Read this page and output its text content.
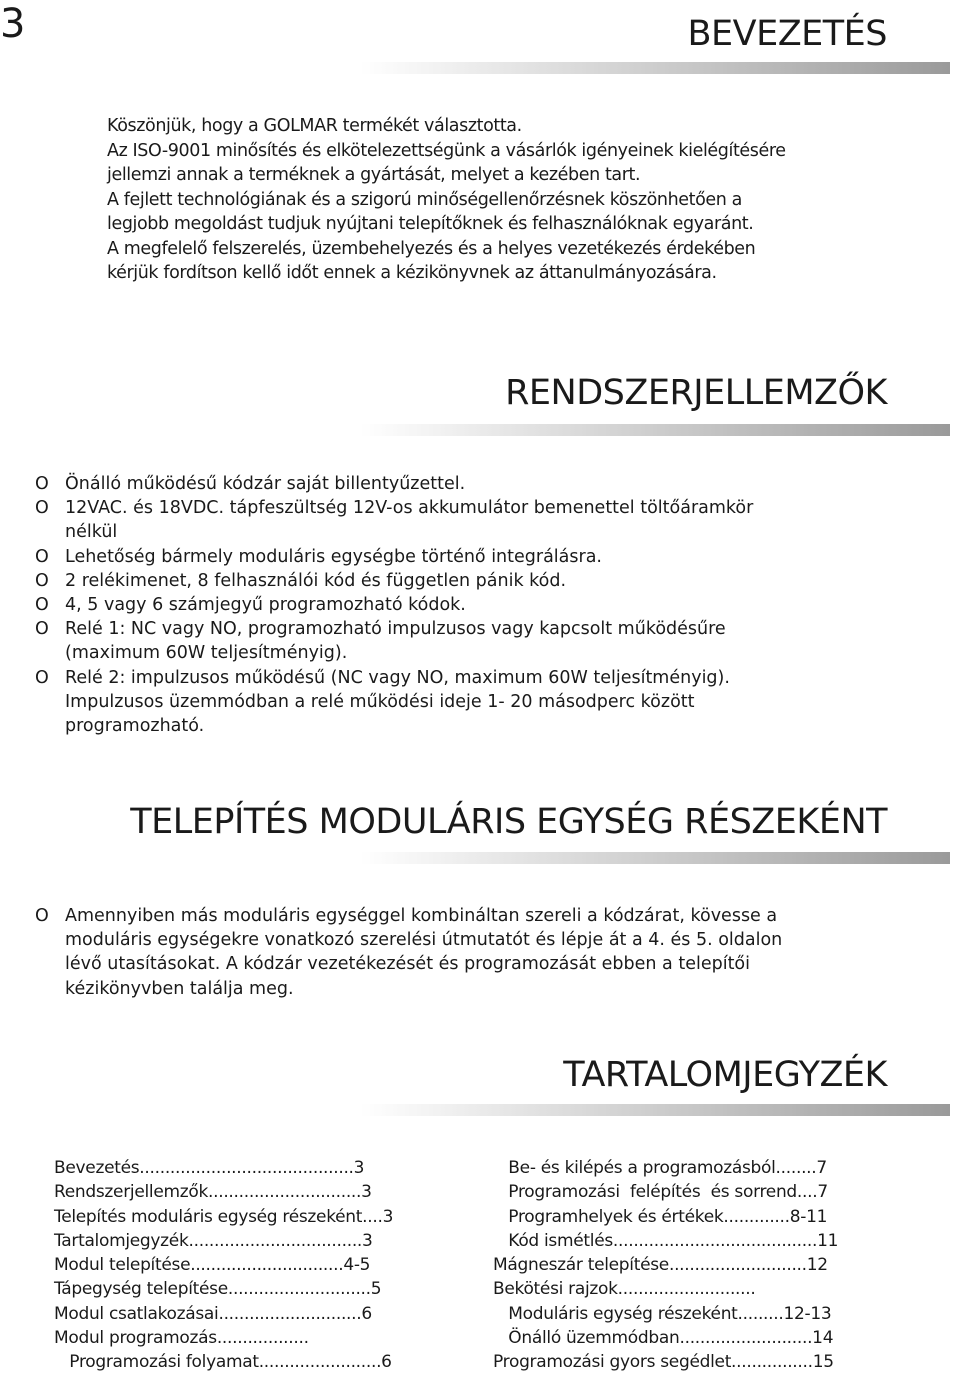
3	BEVEZETÉS
Köszönjük, hogy a GOLMAR termékét választotta.
Az ISO-9001 minősítés és elkötelezettségünk a vásárlók igényeinek kielégítésére
jellemzi annak a terméknek a gyártását, melyet a kezében tart.
A fejlett technológiának és a szigorú minőségellenőrzésnek köszönhetően a
legjobb megoldást tudjuk nyújtani telepítőknek és felhasználóknak egyaránt.
A megfelelő felszerelés, üzembehelyezés és a helyes vezetékezés érdekében
kérjük fordítson kellő időt ennek a kézikönyvnek az áttanulmányozására.
RENDSZERJELLEMZŐK
O Önálló működésű kódzár saját billentyűzettel.
O 12VAC. és 18VDC. tápfeszültség 12V-os akkumulátor bemenettel töltőáramkör
nélkül
O Lehetőség bármely moduláris egységbe történő integrálásra.
O 2 relékimenet, 8 felhasználói kód és független pánik kód.
O 4, 5 vagy 6 számjegyű programozható kódok.
O Relé 1: NC vagy NO, programozható impulzusos vagy kapcsolt működésűre
(maximum 60W teljesítményig).
O Relé 2: impulzusos működésű (NC vagy NO, maximum 60W teljesítményig).
Impulzusos üzemmódban a relé működési ideje 1- 20 másodperc között
programozható.
TELEPÍTÉS MODULÁRIS EGYSÉG RÉSZEKÉNT
O Amennyiben más moduláris egységgel kombináltan szereli a kódzárat, kövesse a
moduláris egységekre vonatkozó szerelési útmutatót és lépje át a 4. és 5. oldalon
lévő utasításokat. A kódzár vezetékezését és programozását ebben a telepítői
kézikönyvben találja meg.
TARTALOMJEGYZÉK
Bevezetés..........................................3
Rendszerjellemzők..............................3
Telepítés moduláris egység részeként....3
Tartalomjegyzék..................................3
Modul telepítése..............................4-5
Tápegység telepítése............................5
Modul csatlakozásai............................6
Modul programozás..................
Programozási folyamat........................6
Be- és kilépés a programozásból........7
Programozási  felépítés  és sorrend....7
Programhelyek és értékek.............8-11
Kód ismétlés........................................11
Mágneszár telepítése...........................12
Bekötési rajzok...........................
Moduláris egység részeként.........12-13
Önálló üzemmódban..........................14
Programozási gyors segédlet................15
